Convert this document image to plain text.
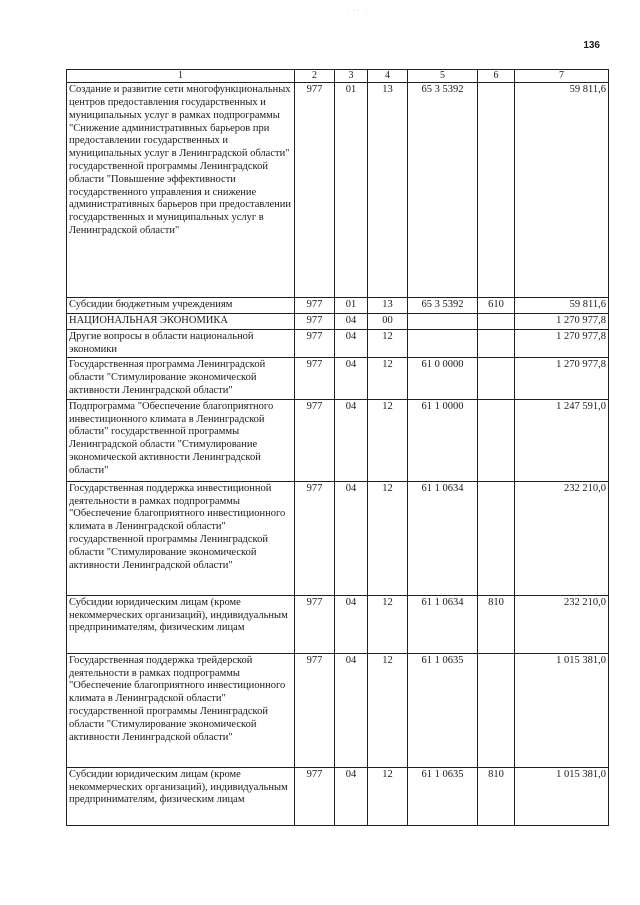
· ·· ·
136
1	2	3	4	5	6	7
Создание и развитие сети многофункциональных центров предоставления государственных и муниципальных услуг в рамках подпрограммы "Снижение административных барьеров при предоставлении государственных и муниципальных услуг в Ленинградской области" государственной программы Ленинградской области "Повышение эффективности государственного управления и снижение административных барьеров при предоставлении государственных и муниципальных услуг в Ленинградской области"	977	01	13	65 3 5392		59 811,6
Субсидии бюджетным учреждениям	977	01	13	65 3 5392	610	59 811,6
НАЦИОНАЛЬНАЯ ЭКОНОМИКА	977	04	00			1 270 977,8
Другие вопросы в области национальной экономики	977	04	12			1 270 977,8
Государственная программа Ленинградской области "Стимулирование экономической активности Ленинградской области"	977	04	12	61 0 0000		1 270 977,8
Подпрограмма "Обеспечение благоприятного инвестиционного климата в Ленинградской области" государственной программы Ленинградской области "Стимулирование экономической активности Ленинградской области"	977	04	12	61 1 0000		1 247 591,0
Государственная поддержка инвестиционной деятельности в рамках подпрограммы "Обеспечение благоприятного инвестиционного климата в Ленинградской области" государственной программы Ленинградской области "Стимулирование экономической активности Ленинградской области"	977	04	12	61 1 0634		232 210,0
Субсидии юридическим лицам (кроме некоммерческих организаций), индивидуальным предпринимателям, физическим лицам	977	04	12	61 1 0634	810	232 210,0
Государственная поддержка трейдерской деятельности в рамках подпрограммы "Обеспечение благоприятного инвестиционного климата в Ленинградской области" государственной программы Ленинградской области "Стимулирование экономической активности Ленинградской области"	977	04	12	61 1 0635		1 015 381,0
Субсидии юридическим лицам (кроме некоммерческих организаций), индивидуальным предпринимателям, физическим лицам	977	04	12	61 1 0635	810	1 015 381,0
